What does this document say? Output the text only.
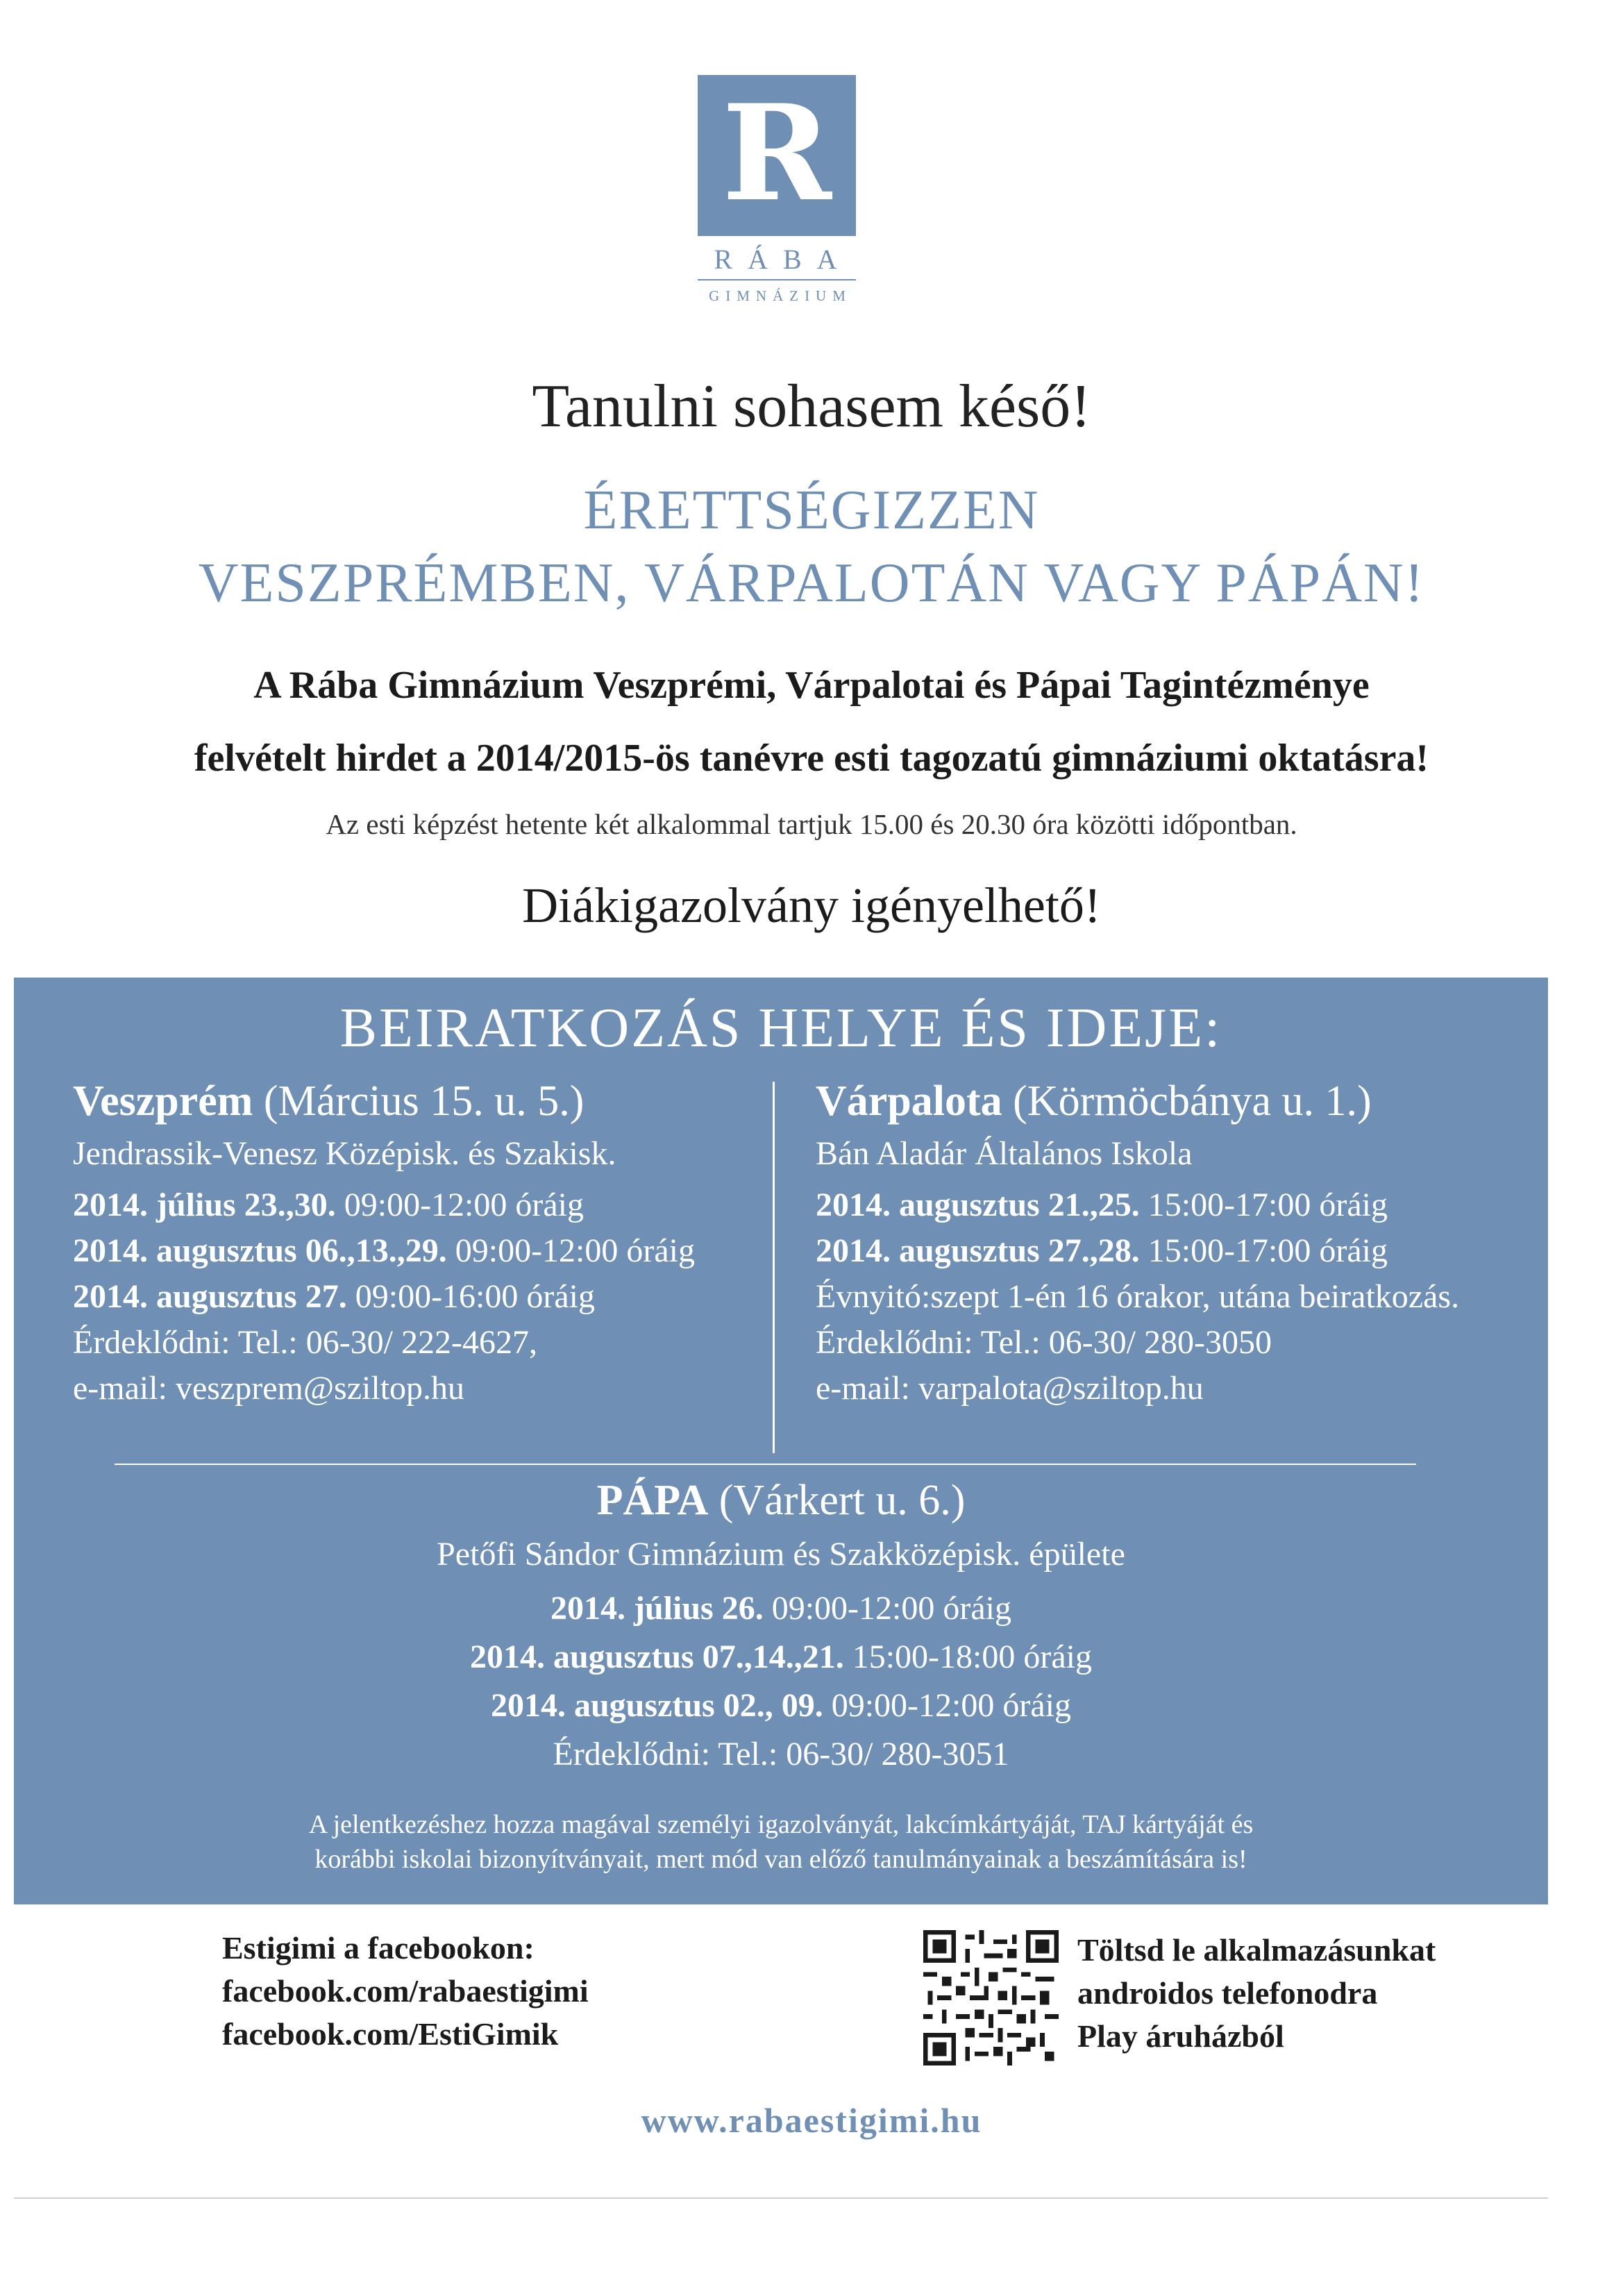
R
RÁBA
GIMNÁZIUM
Tanulni sohasem késő!
ÉRETTSÉGIZZEN
VESZPRÉMBEN, VÁRPALOTÁN VAGY PÁPÁN!
A Rába Gimnázium Veszprémi, Várpalotai és Pápai Tagintézménye
felvételt hirdet a 2014/2015-ös tanévre esti tagozatú gimnáziumi oktatásra!
Az esti képzést hetente két alkalommal tartjuk 15.00 és 20.30 óra közötti időpontban.
Diákigazolvány igényelhető!
BEIRATKOZÁS HELYE ÉS IDEJE:
Veszprém (Március 15. u. 5.)
Jendrassik-Venesz Középisk. és Szakisk.
2014. július 23.,30. 09:00-12:00 óráig
2014. augusztus 06.,13.,29. 09:00-12:00 óráig
2014. augusztus 27. 09:00-16:00 óráig
Érdeklődni: Tel.: 06-30/ 222-4627,
e-mail: veszprem@sziltop.hu
Várpalota (Körmöcbánya u. 1.)
Bán Aladár Általános Iskola
2014. augusztus 21.,25. 15:00-17:00 óráig
2014. augusztus 27.,28. 15:00-17:00 óráig
Évnyitó:szept 1-én 16 órakor, utána beiratkozás.
Érdeklődni: Tel.: 06-30/ 280-3050
e-mail: varpalota@sziltop.hu
PÁPA (Várkert u. 6.)
Petőfi Sándor Gimnázium és Szakközépisk. épülete
2014. július 26. 09:00-12:00 óráig
2014. augusztus 07.,14.,21. 15:00-18:00 óráig
2014. augusztus 02., 09. 09:00-12:00 óráig
Érdeklődni: Tel.: 06-30/ 280-3051
A jelentkezéshez hozza magával személyi igazolványát, lakcímkártyáját, TAJ kártyáját és
korábbi iskolai bizonyítványait, mert mód van előző tanulmányainak a beszámítására is!
Estigimi a facebookon:
facebook.com/rabaestigimi
facebook.com/EstiGimik
Töltsd le alkalmazásunkat
androidos telefonodra
Play áruházból
www.rabaestigimi.hu
